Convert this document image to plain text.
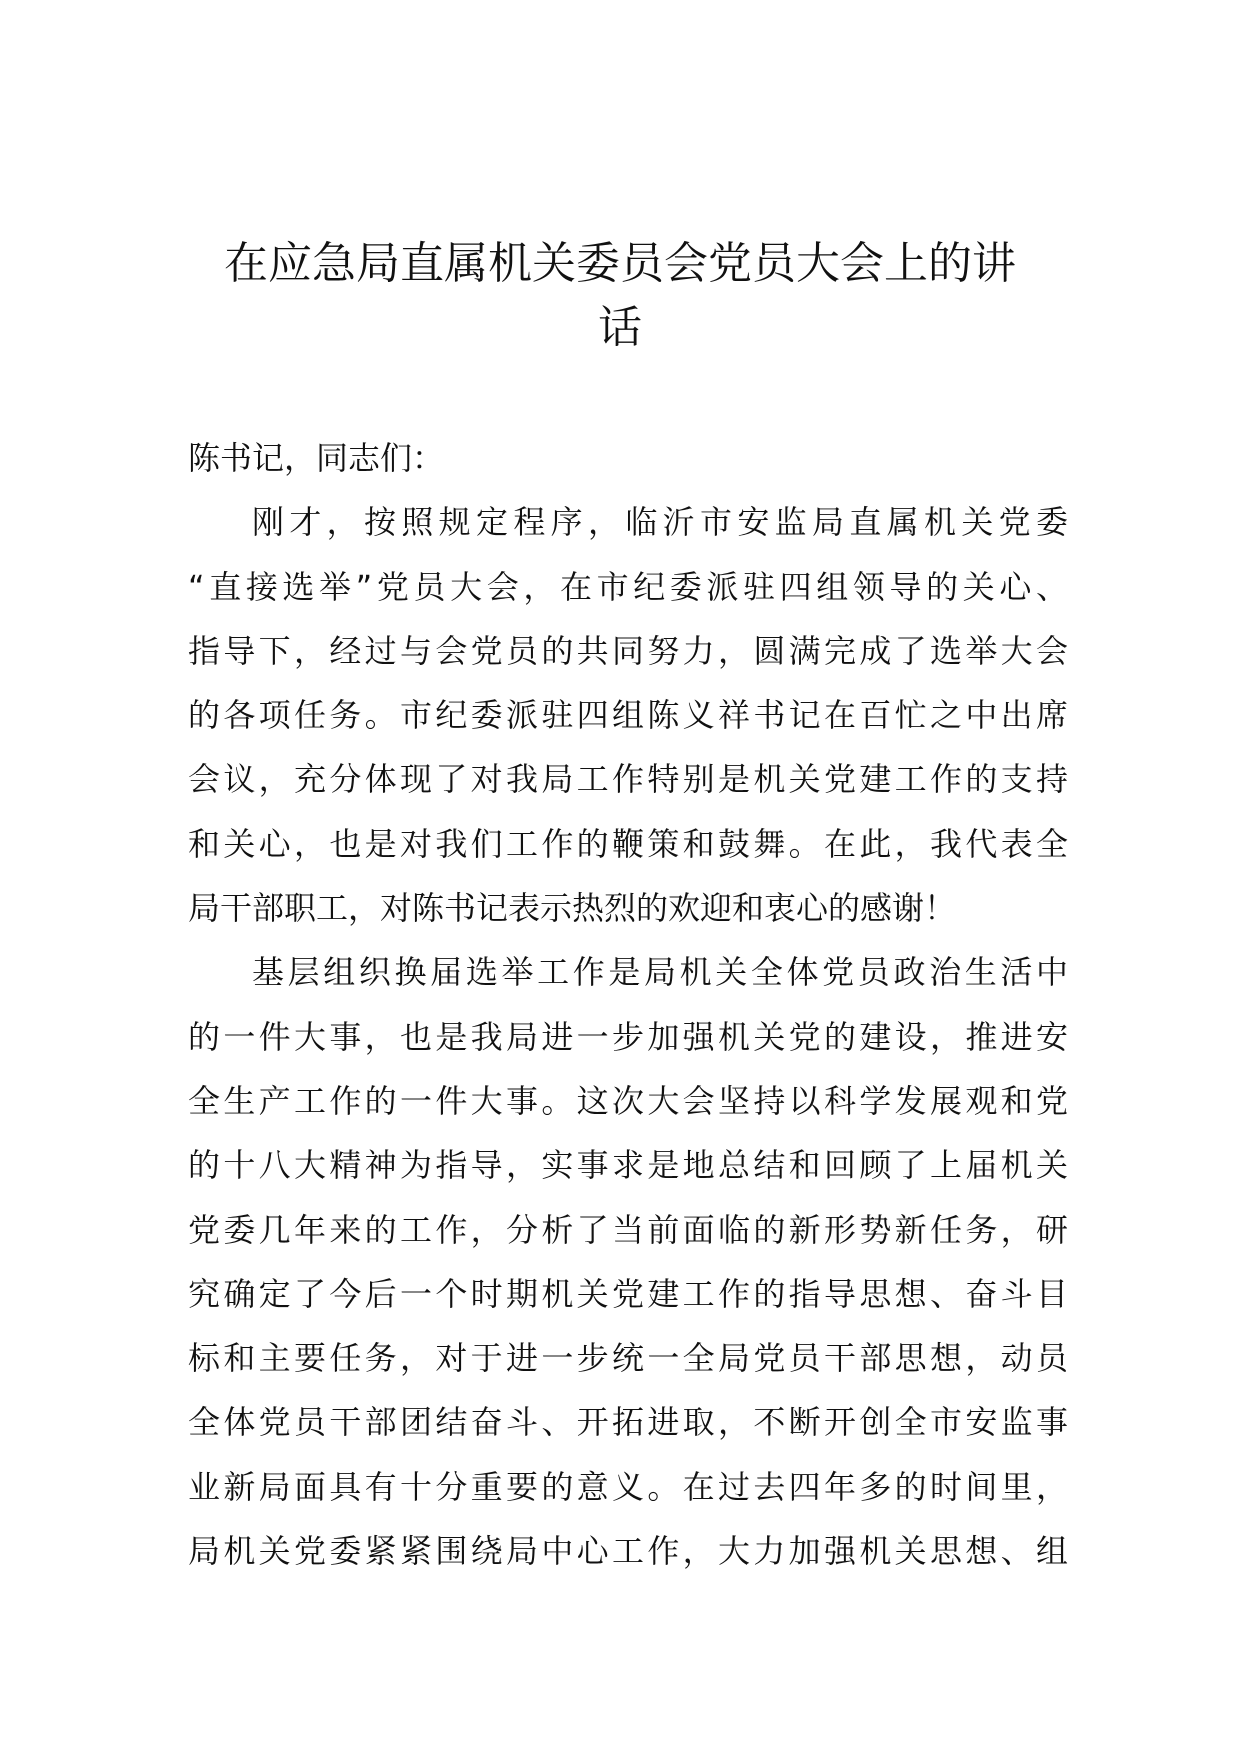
在应急局直属机关委员会党员大会上的讲
话
陈书记，同志们：
刚才，按照规定程序，临沂市安监局直属机关党委
“直接选举”党员大会，在市纪委派驻四组领导的关心、
指导下，经过与会党员的共同努力，圆满完成了选举大会
的各项任务。市纪委派驻四组陈义祥书记在百忙之中出席
会议，充分体现了对我局工作特别是机关党建工作的支持
和关心，也是对我们工作的鞭策和鼓舞。在此，我代表全
局干部职工，对陈书记表示热烈的欢迎和衷心的感谢！
基层组织换届选举工作是局机关全体党员政治生活中
的一件大事，也是我局进一步加强机关党的建设，推进安
全生产工作的一件大事。这次大会坚持以科学发展观和党
的十八大精神为指导，实事求是地总结和回顾了上届机关
党委几年来的工作，分析了当前面临的新形势新任务，研
究确定了今后一个时期机关党建工作的指导思想、奋斗目
标和主要任务，对于进一步统一全局党员干部思想，动员
全体党员干部团结奋斗、开拓进取，不断开创全市安监事
业新局面具有十分重要的意义。在过去四年多的时间里，
局机关党委紧紧围绕局中心工作，大力加强机关思想、组
